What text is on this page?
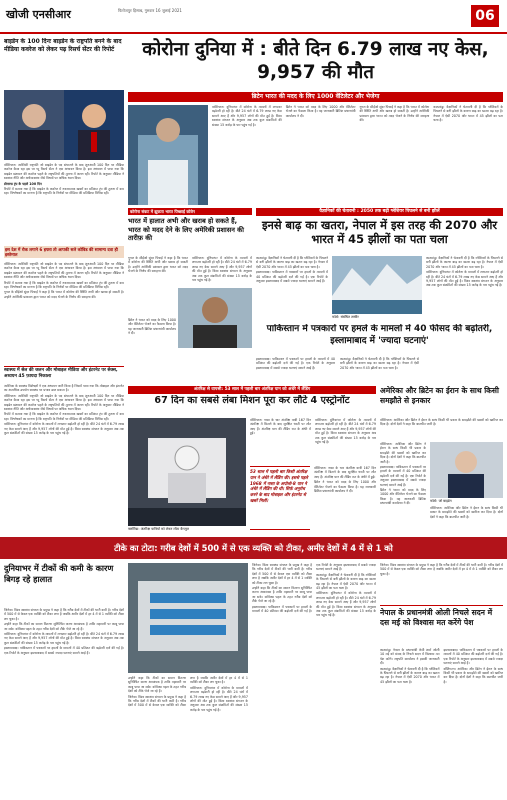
खोजी एनसीआर	फिरोजपुर हिसाब, गुरुवार 16 जुलाई 2021	06
बाइडेन के 100 दिनः बाइडेन के राष्ट्रपति बनने के बाद मीडिया कवरेज को लेकर पढ़ रिसर्च सेंटर की रिपोर्ट

वॉशिंगटन। अमेरिकी राष्ट्रपति जो बाइडेन के पद संभालने के बाद शुरुआती 100 दिन पर मीडिया कवरेज कैसा रहा इस पर प्यू रिसर्च सेंटर ने एक अध्ययन किया है। इस अध्ययन में पाया गया कि बाइडेन प्रशासन की कवरेज पहले के राष्ट्रपतियों की तुलना में अलग रही। रिपोर्ट के अनुसार मीडिया ने स्वास्थ्य नीति और अर्थव्यवस्था जैसे विषयों पर अधिक ध्यान दिया।

डोनाल्ड ट्रंप के पहले 100 दिन

रिपोर्ट में बताया गया है कि बाइडेन के कवरेज में नकारात्मक खबरों का प्रतिशत ट्रंप की तुलना में कम रहा। विश्लेषकों का मानना है कि राष्ट्रपति के निर्णयों पर मीडिया की प्रतिक्रिया विभिन्न रही।

इस देश में रोक लगाने 6 हफ्ता तो आपकी सले कोविड की सामान्य दवा ही इस्तेमाल

वॉशिंगटन। अमेरिकी राष्ट्रपति जो बाइडेन के पद संभालने के बाद शुरुआती 100 दिन पर मीडिया कवरेज कैसा रहा इस पर प्यू रिसर्च सेंटर ने एक अध्ययन किया है। इस अध्ययन में पाया गया कि बाइडेन प्रशासन की कवरेज पहले के राष्ट्रपतियों की तुलना में अलग रही। रिपोर्ट के अनुसार मीडिया ने स्वास्थ्य नीति और अर्थव्यवस्था जैसे विषयों पर अधिक ध्यान दिया।

रिपोर्ट में बताया गया है कि बाइडेन के कवरेज में नकारात्मक खबरों का प्रतिशत ट्रंप की तुलना में कम रहा। विश्लेषकों का मानना है कि राष्ट्रपति के निर्णयों पर मीडिया की प्रतिक्रिया विभिन्न रही।

गूगल के सीईओ सुंदर पिचाई ने कहा है कि भारत में कोरोना की स्थिति अभी और खराब हो सकती है। उन्होंने अमेरिकी प्रशासन द्वारा भारत को मदद भेजने के निर्णय की सराहना की।

स्वास्थ्य में सेल की जलन और मोबाइल मीडिया और इंटरनेट पर सेक्स, अध्ययन 45 फ़ायदा निकाला

अमेरिका के स्वास्थ्य विशेषज्ञों ने एक अध्ययन जारी किया है जिसमें पाया गया कि मोबाइल और इंटरनेट का अत्यधिक उपयोग स्वास्थ्य पर प्रभाव डाल सकता है।

वॉशिंगटन। अमेरिकी राष्ट्रपति जो बाइडेन के पद संभालने के बाद शुरुआती 100 दिन पर मीडिया कवरेज कैसा रहा इस पर प्यू रिसर्च सेंटर ने एक अध्ययन किया है। इस अध्ययन में पाया गया कि बाइडेन प्रशासन की कवरेज पहले के राष्ट्रपतियों की तुलना में अलग रही। रिपोर्ट के अनुसार मीडिया ने स्वास्थ्य नीति और अर्थव्यवस्था जैसे विषयों पर अधिक ध्यान दिया।

रिपोर्ट में बताया गया है कि बाइडेन के कवरेज में नकारात्मक खबरों का प्रतिशत ट्रंप की तुलना में कम रहा। विश्लेषकों का मानना है कि राष्ट्रपति के निर्णयों पर मीडिया की प्रतिक्रिया विभिन्न रही।

वाशिंगटन। दुनियाभर में कोरोना के मामलों में लगातार बढ़ोतरी हो रही है। बीते 24 घंटों में 6.79 लाख नए केस सामने आए हैं और 9,957 लोगों की मौत हुई है। विश्व स्वास्थ्य संगठन के अनुसार अब तक कुल संक्रमितों की संख्या 15 करोड़ के पार पहुंच गई है।

कोरोना दुनिया में : बीते दिन 6.79 लाख नए केस, 9,957 की मौत
ब्रिटेन भारत की मदद के लिए 1000 वेंटिलेटर और भेजेगा

वाशिंगटन। दुनियाभर में कोरोना के मामलों में लगातार बढ़ोतरी हो रही है। बीते 24 घंटों में 6.79 लाख नए केस सामने आए हैं और 9,957 लोगों की मौत हुई है। विश्व स्वास्थ्य संगठन के अनुसार अब तक कुल संक्रमितों की संख्या 15 करोड़ के पार पहुंच गई है।

ब्रिटेन ने भारत को मदद के लिए 1000 और वेंटिलेटर भेजने का फैसला किया है। यह जानकारी ब्रिटिश प्रधानमंत्री कार्यालय ने दी।

गूगल के सीईओ सुंदर पिचाई ने कहा है कि भारत में कोरोना की स्थिति अभी और खराब हो सकती है। उन्होंने अमेरिकी प्रशासन द्वारा भारत को मदद भेजने के निर्णय की सराहना की।

काठमांडू। वैज्ञानिकों ने चेतावनी दी है कि ग्लेशियरों के पिघलने से बनी झीलों के कारण बाढ़ का खतरा बढ़ रहा है। नेपाल में ऐसी 2070 और भारत में 45 झीलों का पता चला है।

कोरोना संकट में झुकता भारत पिच्छाई कोवेन
भारत में हालात अभी और खराब हो सकते हैं, भारत को मदद देने के लिए अमेरिकी प्रशासन की तारीफ़ की

गूगल के सीईओ सुंदर पिचाई ने कहा है कि भारत में कोरोना की स्थिति अभी और खराब हो सकती है। उन्होंने अमेरिकी प्रशासन द्वारा भारत को मदद भेजने के निर्णय की सराहना की।

वाशिंगटन। दुनियाभर में कोरोना के मामलों में लगातार बढ़ोतरी हो रही है। बीते 24 घंटों में 6.79 लाख नए केस सामने आए हैं और 9,957 लोगों की मौत हुई है। विश्व स्वास्थ्य संगठन के अनुसार अब तक कुल संक्रमितों की संख्या 15 करोड़ के पार पहुंच गई है।

ब्रिटेन ने भारत को मदद के लिए 1000 और वेंटिलेटर भेजने का फैसला किया है। यह जानकारी ब्रिटिश प्रधानमंत्री कार्यालय ने दी।

वैज्ञानिकों की चेतावनी : 2050 तक बढ़ी ग्लेशियर पिघलने से बनी झीलें
इनसे बाढ़ का खतरा, नेपाल में इस तरह की 2070 और भारत में 45 झीलों का पता चला

काठमांडू। वैज्ञानिकों ने चेतावनी दी है कि ग्लेशियरों के पिघलने से बनी झीलों के कारण बाढ़ का खतरा बढ़ रहा है। नेपाल में ऐसी 2070 और भारत में 45 झीलों का पता चला है।

इस्लामाबाद। पाकिस्तान में पत्रकारों पर हमलों के मामलों में 40 प्रतिशत की बढ़ोतरी दर्ज की गई है। एक रिपोर्ट के अनुसार इस्लामाबाद में सबसे ज्यादा घटनाएं सामने आई हैं।

फोटो: संबंधित तस्वीर

काठमांडू। वैज्ञानिकों ने चेतावनी दी है कि ग्लेशियरों के पिघलने से बनी झीलों के कारण बाढ़ का खतरा बढ़ रहा है। नेपाल में ऐसी 2070 और भारत में 45 झीलों का पता चला है।

वाशिंगटन। दुनियाभर में कोरोना के मामलों में लगातार बढ़ोतरी हो रही है। बीते 24 घंटों में 6.79 लाख नए केस सामने आए हैं और 9,957 लोगों की मौत हुई है। विश्व स्वास्थ्य संगठन के अनुसार अब तक कुल संक्रमितों की संख्या 15 करोड़ के पार पहुंच गई है।

पाकिस्तान में पत्रकारों पर हमले के मामलों में 40 फीसद की बढ़ोतरी, इस्लामाबाद में 'ज्यादा घटनाएं'

इस्लामाबाद। पाकिस्तान में पत्रकारों पर हमलों के मामलों में 40 प्रतिशत की बढ़ोतरी दर्ज की गई है। एक रिपोर्ट के अनुसार इस्लामाबाद में सबसे ज्यादा घटनाएं सामने आई हैं।

काठमांडू। वैज्ञानिकों ने चेतावनी दी है कि ग्लेशियरों के पिघलने से बनी झीलों के कारण बाढ़ का खतरा बढ़ रहा है। नेपाल में ऐसी 2070 और भारत में 45 झीलों का पता चला है।

अंतरिक्ष से वापसी: 53 साल में पहली बार अंतरिक्ष यान को अंधेरे में लैंडिंग
67 दिन का सबसे लंबा मिशन पूरा कर लौटे 4 एस्ट्रोनॉट
फ्लोरिडा: अंतरिक्ष यात्रियों को लेकर लौटा कैप्सूल

वॉशिंगटन। नासा के चार अंतरिक्ष यात्री 167 दिन अंतरिक्ष में बिताने के बाद सुरक्षित धरती पर लौट आए हैं। अंतरिक्ष यान की लैंडिंग रात के अंधेरे में हुई।

वाशिंगटन। दुनियाभर में कोरोना के मामलों में लगातार बढ़ोतरी हो रही है। बीते 24 घंटों में 6.79 लाख नए केस सामने आए हैं और 9,957 लोगों की मौत हुई है। विश्व स्वास्थ्य संगठन के अनुसार अब तक कुल संक्रमितों की संख्या 15 करोड़ के पार पहुंच गई है।

53 साल में पहली बार किसी अंतरिक्ष यान ने अंधेरे में लैंडिंग की। इससे पहले 1968 में नासा के अपोलो-8 यान ने अंधेरे में लैंडिंग की थी। सिर्फ़ अनुरोध करने के बाद मोबाइल और इंटरनेट से खबरें मिलीं।

वॉशिंगटन। नासा के चार अंतरिक्ष यात्री 167 दिन अंतरिक्ष में बिताने के बाद सुरक्षित धरती पर लौट आए हैं। अंतरिक्ष यान की लैंडिंग रात के अंधेरे में हुई।

ब्रिटेन ने भारत को मदद के लिए 1000 और वेंटिलेटर भेजने का फैसला किया है। यह जानकारी ब्रिटिश प्रधानमंत्री कार्यालय ने दी।

अमेरिका और ब्रिटेन का ईरान के साथ किसी समझौते से इनकार

वॉशिंगटन। अमेरिका और ब्रिटेन ने ईरान के साथ किसी भी प्रकार के समझौते की खबरों को खारिज कर दिया है। दोनों देशों ने कहा कि बातचीत जारी है।

वॉशिंगटन। अमेरिका और ब्रिटेन ने ईरान के साथ किसी भी प्रकार के समझौते की खबरों को खारिज कर दिया है। दोनों देशों ने कहा कि बातचीत जारी है।

इस्लामाबाद। पाकिस्तान में पत्रकारों पर हमलों के मामलों में 40 प्रतिशत की बढ़ोतरी दर्ज की गई है। एक रिपोर्ट के अनुसार इस्लामाबाद में सबसे ज्यादा घटनाएं सामने आई हैं।

ब्रिटेन ने भारत को मदद के लिए 1000 और वेंटिलेटर भेजने का फैसला किया है। यह जानकारी ब्रिटिश प्रधानमंत्री कार्यालय ने दी।

फोटो: जो बाइडेन

वॉशिंगटन। अमेरिका और ब्रिटेन ने ईरान के साथ किसी भी प्रकार के समझौते की खबरों को खारिज कर दिया है। दोनों देशों ने कहा कि बातचीत जारी है।

टीके का टोटा: गरीब देशों में 500 में से एक व्यक्ति को टीका, अमीर देशों में 4 में से 1 को
दुनियाभर में टीकों की कमी के कारण बिगड़ रहे हालात

जिनेवा। विश्व स्वास्थ्य संगठन के प्रमुख ने कहा है कि गरीब देशों में टीकों की भारी कमी है। गरीब देशों में 500 में से केवल एक व्यक्ति को टीका लगा है जबकि अमीर देशों में हर 4 में से 1 व्यक्ति को टीका लग चुका है।

उन्होंने कहा कि टीकों का समान वितरण सुनिश्चित करना आवश्यक है ताकि महामारी पर काबू पाया जा सके। कोवैक्स पहल के तहत गरीब देशों को टीके भेजे जा रहे हैं।

वाशिंगटन। दुनियाभर में कोरोना के मामलों में लगातार बढ़ोतरी हो रही है। बीते 24 घंटों में 6.79 लाख नए केस सामने आए हैं और 9,957 लोगों की मौत हुई है। विश्व स्वास्थ्य संगठन के अनुसार अब तक कुल संक्रमितों की संख्या 15 करोड़ के पार पहुंच गई है।

इस्लामाबाद। पाकिस्तान में पत्रकारों पर हमलों के मामलों में 40 प्रतिशत की बढ़ोतरी दर्ज की गई है। एक रिपोर्ट के अनुसार इस्लामाबाद में सबसे ज्यादा घटनाएं सामने आई हैं।

उन्होंने कहा कि टीकों का समान वितरण सुनिश्चित करना आवश्यक है ताकि महामारी पर काबू पाया जा सके। कोवैक्स पहल के तहत गरीब देशों को टीके भेजे जा रहे हैं।

जिनेवा। विश्व स्वास्थ्य संगठन के प्रमुख ने कहा है कि गरीब देशों में टीकों की भारी कमी है। गरीब देशों में 500 में से केवल एक व्यक्ति को टीका लगा है जबकि अमीर देशों में हर 4 में से 1 व्यक्ति को टीका लग चुका है।

वाशिंगटन। दुनियाभर में कोरोना के मामलों में लगातार बढ़ोतरी हो रही है। बीते 24 घंटों में 6.79 लाख नए केस सामने आए हैं और 9,957 लोगों की मौत हुई है। विश्व स्वास्थ्य संगठन के अनुसार अब तक कुल संक्रमितों की संख्या 15 करोड़ के पार पहुंच गई है।

जिनेवा। विश्व स्वास्थ्य संगठन के प्रमुख ने कहा है कि गरीब देशों में टीकों की भारी कमी है। गरीब देशों में 500 में से केवल एक व्यक्ति को टीका लगा है जबकि अमीर देशों में हर 4 में से 1 व्यक्ति को टीका लग चुका है।

उन्होंने कहा कि टीकों का समान वितरण सुनिश्चित करना आवश्यक है ताकि महामारी पर काबू पाया जा सके। कोवैक्स पहल के तहत गरीब देशों को टीके भेजे जा रहे हैं।

इस्लामाबाद। पाकिस्तान में पत्रकारों पर हमलों के मामलों में 40 प्रतिशत की बढ़ोतरी दर्ज की गई है। एक रिपोर्ट के अनुसार इस्लामाबाद में सबसे ज्यादा घटनाएं सामने आई हैं।

काठमांडू। वैज्ञानिकों ने चेतावनी दी है कि ग्लेशियरों के पिघलने से बनी झीलों के कारण बाढ़ का खतरा बढ़ रहा है। नेपाल में ऐसी 2070 और भारत में 45 झीलों का पता चला है।

वाशिंगटन। दुनियाभर में कोरोना के मामलों में लगातार बढ़ोतरी हो रही है। बीते 24 घंटों में 6.79 लाख नए केस सामने आए हैं और 9,957 लोगों की मौत हुई है। विश्व स्वास्थ्य संगठन के अनुसार अब तक कुल संक्रमितों की संख्या 15 करोड़ के पार पहुंच गई है।

जिनेवा। विश्व स्वास्थ्य संगठन के प्रमुख ने कहा है कि गरीब देशों में टीकों की भारी कमी है। गरीब देशों में 500 में से केवल एक व्यक्ति को टीका लगा है जबकि अमीर देशों में हर 4 में से 1 व्यक्ति को टीका लग चुका है।

नेपाल के प्रधानमंत्री ओली निचले सदन में दस मई को विश्वास मत करेंगे पेश

काठमांडू। नेपाल के प्रधानमंत्री केपी शर्मा ओली 10 मई को संसद के निचले सदन में विश्वास मत पेश करेंगे। राष्ट्रपति कार्यालय ने इसकी जानकारी दी।

काठमांडू। वैज्ञानिकों ने चेतावनी दी है कि ग्लेशियरों के पिघलने से बनी झीलों के कारण बाढ़ का खतरा बढ़ रहा है। नेपाल में ऐसी 2070 और भारत में 45 झीलों का पता चला है।

इस्लामाबाद। पाकिस्तान में पत्रकारों पर हमलों के मामलों में 40 प्रतिशत की बढ़ोतरी दर्ज की गई है। एक रिपोर्ट के अनुसार इस्लामाबाद में सबसे ज्यादा घटनाएं सामने आई हैं।

वॉशिंगटन। अमेरिका और ब्रिटेन ने ईरान के साथ किसी भी प्रकार के समझौते की खबरों को खारिज कर दिया है। दोनों देशों ने कहा कि बातचीत जारी है।
